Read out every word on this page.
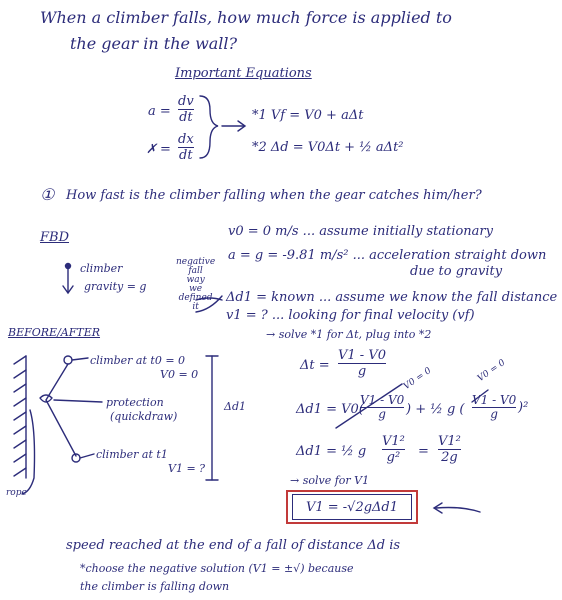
When a climber falls, how much force is applied to
the gear in the wall?
Important Equations
a =
dv
dt
✗ =
dx
dt
*1 Vf = V0 + aΔt
*2 Δd = V0Δt + ½ aΔt²
① How fast is the climber falling when the gear catches him/her?
FBD
climber
gravity = g
negative
fall
way
we
defined
it
v0 = 0 m/s ... assume initially stationary
a = g = -9.81 m/s² ... acceleration straight down
due to gravity
Δd1 = known ... assume we know the fall distance
v1 = ? ... looking for final velocity (vf)
→ solve *1 for Δt, plug into *2
BEFORE/AFTER
climber at t0 = 0
V0 = 0
protection
(quickdraw)
climber at t1
V1 = ?
rope
Δd1
Δt =
V1 - V0
g	V0 = 0	V0 = 0
Δd1 = V0(
V1 - V0
g ) + ½ g (
V1 - V0
g )²
Δd1 = ½ g
V1²
g² =
V1²
2g
→ solve for V1
V1 = -√2gΔd1
speed reached at the end of a fall of distance Δd is
*choose the negative solution (V1 = ±√) because
the climber is falling down
